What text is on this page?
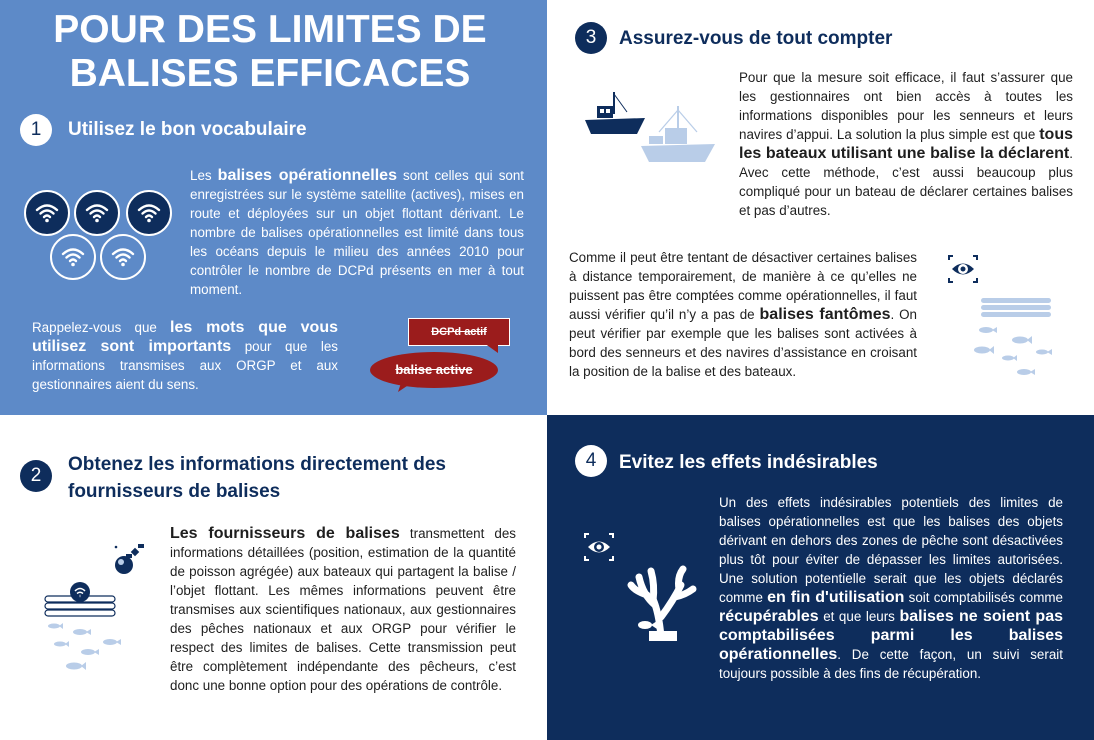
POUR DES LIMITES DE
BALISES EFFICACES
1	Utilisez le bon vocabulaire
Les balises opérationnelles sont celles qui sont enregistrées sur le système satellite (actives), mises en route et déployées sur un objet flottant dérivant. Le nombre de balises opérationnelles est limité dans tous les océans depuis le milieu des années 2010 pour contrôler le nombre de DCPd présents en mer à tout moment.
Rappelez-vous que les mots que vous utilisez sont importants pour que les informations transmises aux ORGP et aux gestionnaires aient du sens.
DCPd actif
balise active
3	Assurez-vous de tout compter
Pour que la mesure soit efficace, il faut s’assurer que les gestionnaires ont bien accès à toutes les informations disponibles pour les senneurs et leurs navires d’appui. La solution la plus simple est que tous les bateaux utilisant une balise la déclarent. Avec cette méthode, c’est aussi beaucoup plus compliqué pour un bateau de déclarer certaines balises et pas d’autres.
Comme il peut être tentant de désactiver certaines balises à distance temporairement, de manière à ce qu’elles ne puissent pas être comptées comme opérationnelles, il faut aussi vérifier qu’il n’y a pas de balises fantômes. On peut vérifier par exemple que les balises sont activées à bord des senneurs et des navires d’assistance en croisant la position de la balise et des bateaux.
2
Obtenez les informations directement des fournisseurs de balises
Les fournisseurs de balises transmettent des informations détaillées (position, estimation de la quantité de poisson agrégée) aux bateaux qui partagent la balise / l’objet flottant. Les mêmes informations peuvent être transmises aux scientifiques nationaux, aux gestionnaires des pêches nationaux et aux ORGP pour vérifier le respect des limites de balises. Cette transmission peut être complètement indépendante des pêcheurs, c’est donc une bonne option pour des opérations de contrôle.
4	Evitez les effets indésirables
Un des effets indésirables potentiels des limites de balises opérationnelles est que les balises des objets dérivant en dehors des zones de pêche sont désactivées plus tôt pour éviter de dépasser les limites autorisées. Une solution potentielle serait que les objets déclarés comme en fin d'utilisation soit comptabilisés comme récupérables et que leurs balises ne soient pas comptabilisées parmi les balises opérationnelles. De cette façon, un suivi serait toujours possible à des fins de récupération.
